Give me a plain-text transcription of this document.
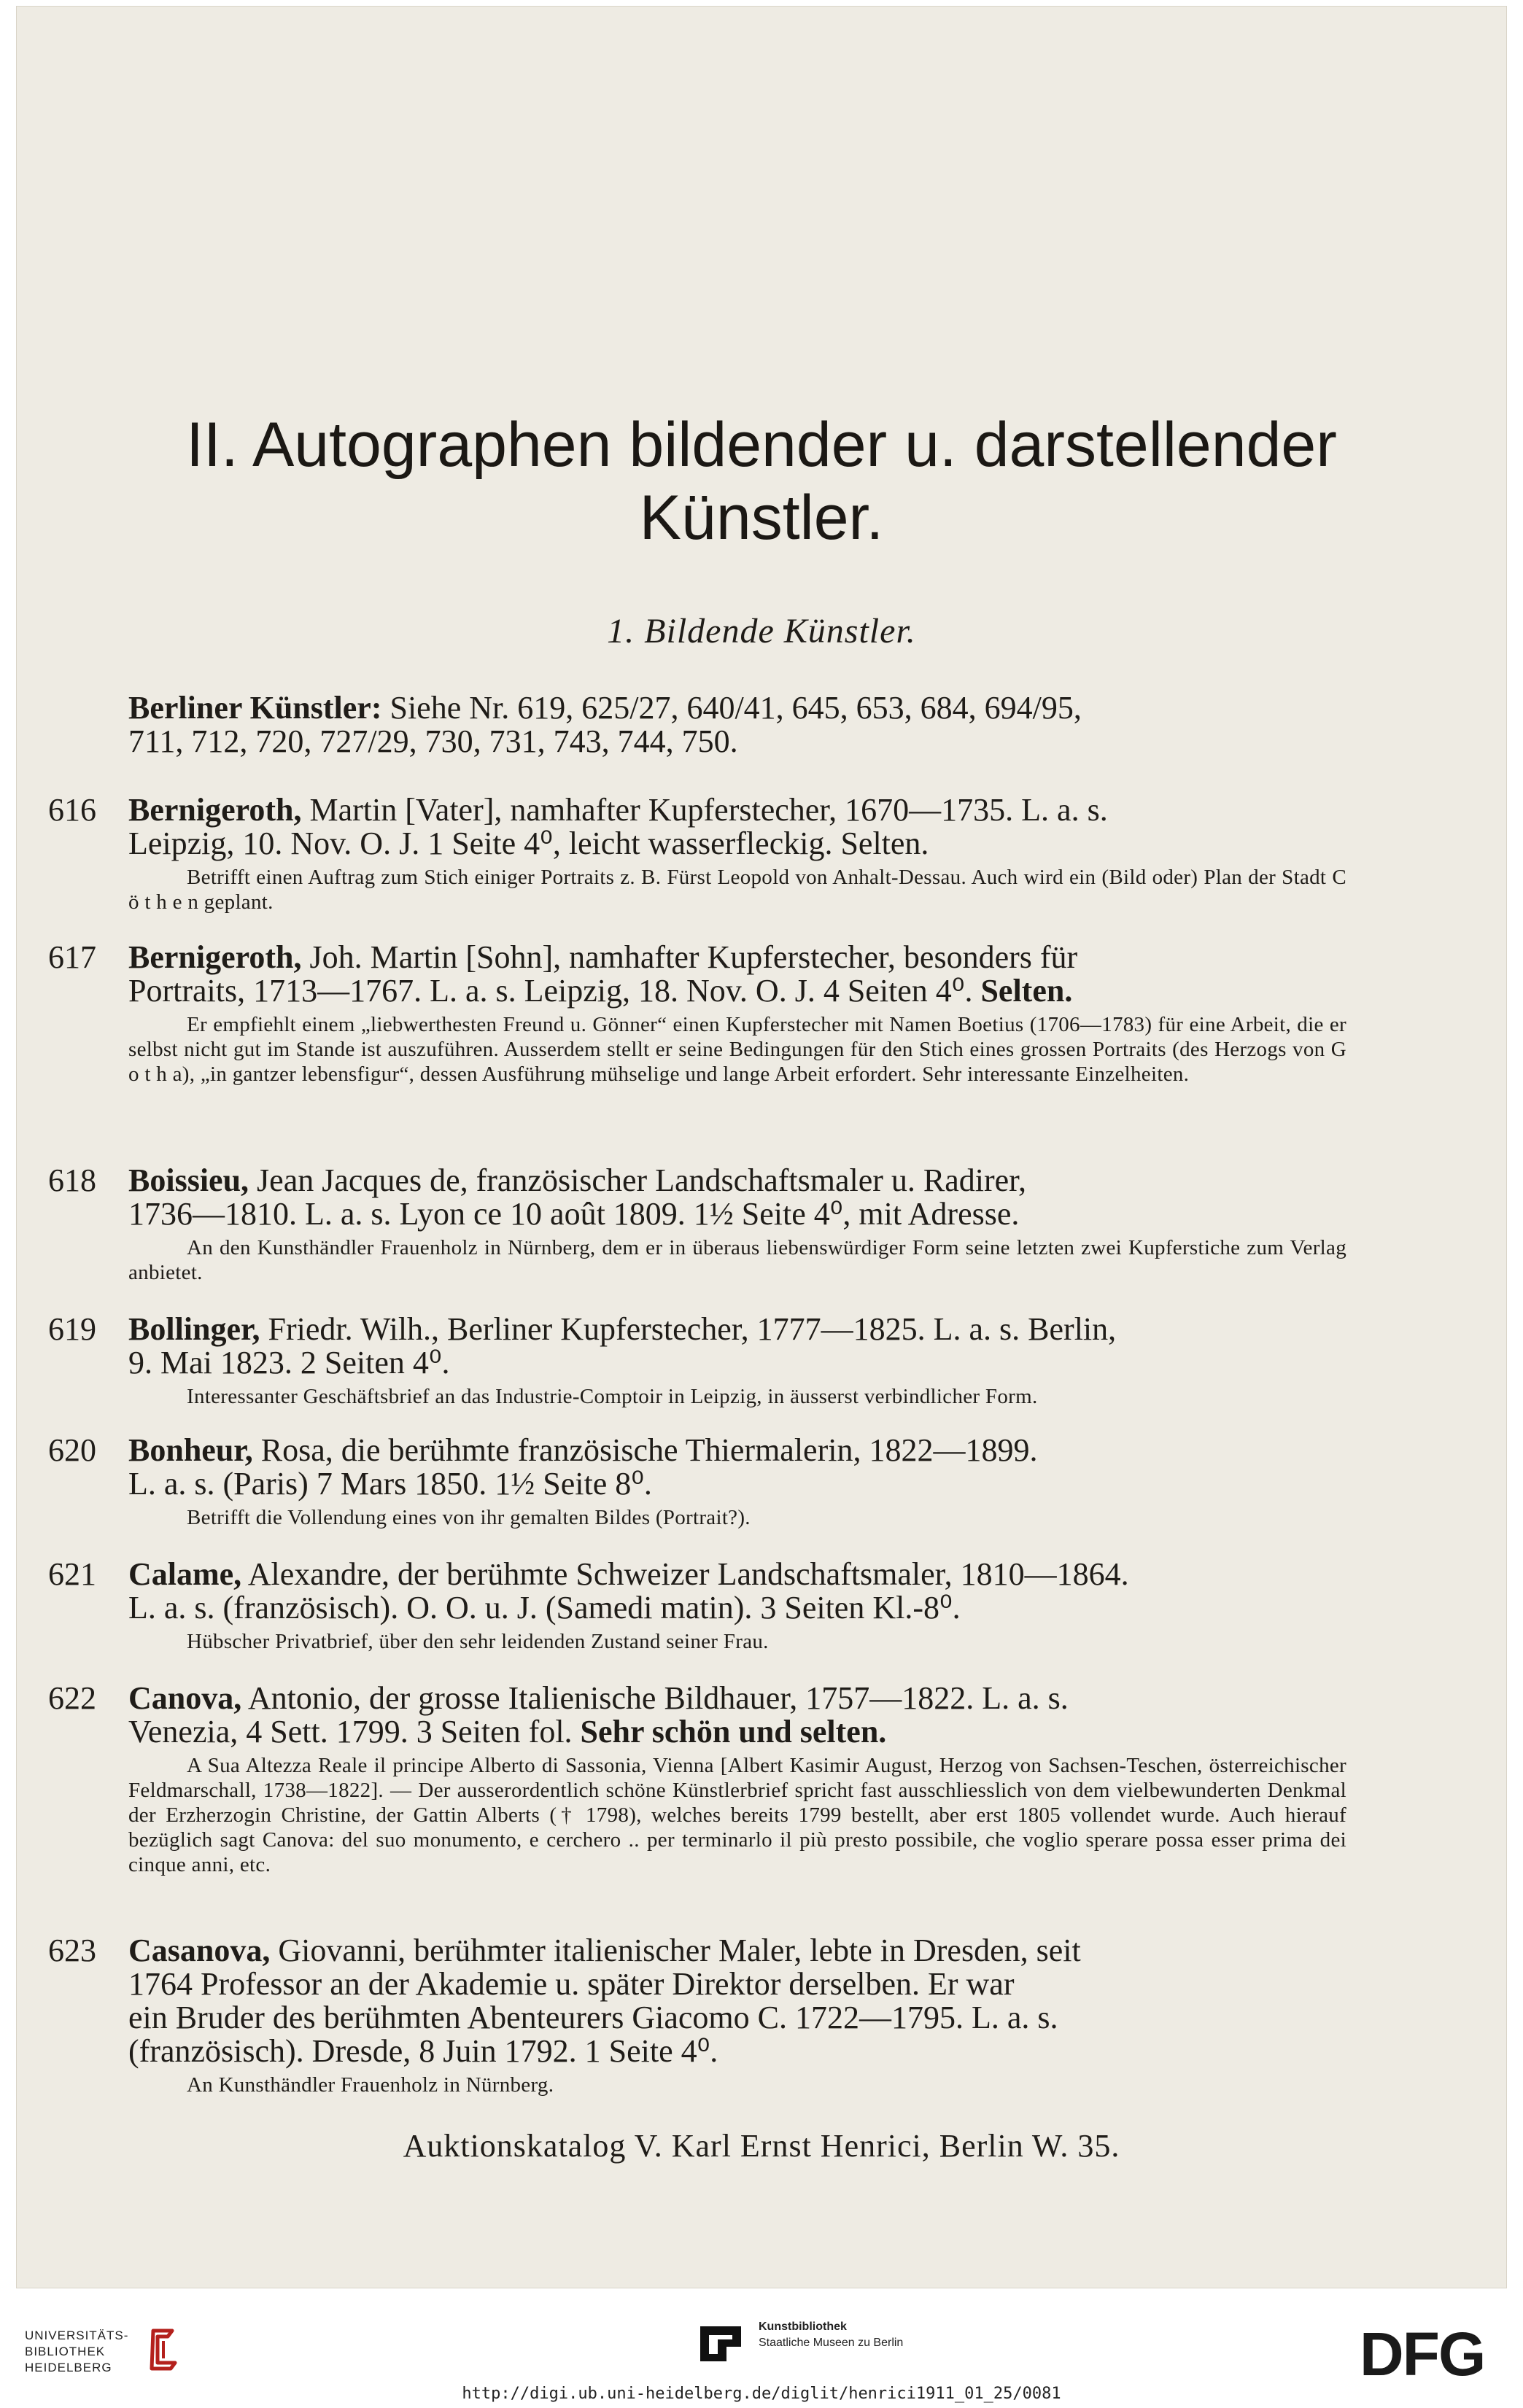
II. Autographen bildender u. darstellender
Künstler.
1. Bildende Künstler.
Berliner Künstler: Siehe Nr. 619, 625/27, 640/41, 645, 653, 684, 694/95,
711, 712, 720, 727/29, 730, 731, 743, 744, 750.
616 Bernigeroth, Martin [Vater], namhafter Kupferstecher, 1670—1735. L. a. s.
Leipzig, 10. Nov. O. J. 1 Seite 4⁰, leicht wasserfleckig. Selten.
Betrifft einen Auftrag zum Stich einiger Portraits z. B. Fürst Leopold von Anhalt-Dessau. Auch wird ein (Bild oder) Plan der Stadt C ö t h e n geplant.
617 Bernigeroth, Joh. Martin [Sohn], namhafter Kupferstecher, besonders für
Portraits, 1713—1767. L. a. s. Leipzig, 18. Nov. O. J. 4 Seiten 4⁰. Selten.
Er empfiehlt einem „liebwerthesten Freund u. Gönner“ einen Kupferstecher mit Namen Boetius (1706—1783) für eine Arbeit, die er selbst nicht gut im Stande ist auszuführen. Ausserdem stellt er seine Bedingungen für den Stich eines grossen Portraits (des Herzogs von G o t h a), „in gantzer lebensfigur“, dessen Ausführung mühselige und lange Arbeit erfordert. Sehr interessante Einzelheiten.
618 Boissieu, Jean Jacques de, französischer Landschaftsmaler u. Radirer,
1736—1810. L. a. s. Lyon ce 10 août 1809. 1½ Seite 4⁰, mit Adresse.
An den Kunsthändler Frauenholz in Nürnberg, dem er in überaus liebenswürdiger Form seine letzten zwei Kupferstiche zum Verlag anbietet.
619 Bollinger, Friedr. Wilh., Berliner Kupferstecher, 1777—1825. L. a. s. Berlin,
9. Mai 1823. 2 Seiten 4⁰.
Interessanter Geschäftsbrief an das Industrie-Comptoir in Leipzig, in äusserst verbindlicher Form.
620 Bonheur, Rosa, die berühmte französische Thiermalerin, 1822—1899.
L. a. s. (Paris) 7 Mars 1850. 1½ Seite 8⁰.
Betrifft die Vollendung eines von ihr gemalten Bildes (Portrait?).
621 Calame, Alexandre, der berühmte Schweizer Landschaftsmaler, 1810—1864.
L. a. s. (französisch). O. O. u. J. (Samedi matin). 3 Seiten Kl.-8⁰.
Hübscher Privatbrief, über den sehr leidenden Zustand seiner Frau.
622 Canova, Antonio, der grosse Italienische Bildhauer, 1757—1822. L. a. s.
Venezia, 4 Sett. 1799. 3 Seiten fol. Sehr schön und selten.
A Sua Altezza Reale il principe Alberto di Sassonia, Vienna [Albert Kasimir August, Herzog von Sachsen-Teschen, österreichischer Feldmarschall, 1738—1822]. — Der ausserordentlich schöne Künstlerbrief spricht fast ausschliesslich von dem vielbewunderten Denkmal der Erzherzogin Christine, der Gattin Alberts († 1798), welches bereits 1799 bestellt, aber erst 1805 vollendet wurde. Auch hierauf bezüglich sagt Canova: del suo monumento, e cerchero .. per terminarlo il più presto possibile, che voglio sperare possa esser prima dei cinque anni, etc.
623 Casanova, Giovanni, berühmter italienischer Maler, lebte in Dresden, seit
1764 Professor an der Akademie u. später Direktor derselben. Er war
ein Bruder des berühmten Abenteurers Giacomo C. 1722—1795. L. a. s.
(französisch). Dresde, 8 Juin 1792. 1 Seite 4⁰.
An Kunsthändler Frauenholz in Nürnberg.
Auktionskatalog V. Karl Ernst Henrici, Berlin W. 35.
UNIVERSITÄTS-
BIBLIOTHEK
HEIDELBERG
Kunstbibliothek
Staatliche Museen zu Berlin	DFG
http://digi.ub.uni-heidelberg.de/diglit/henrici1911_01_25/0081
